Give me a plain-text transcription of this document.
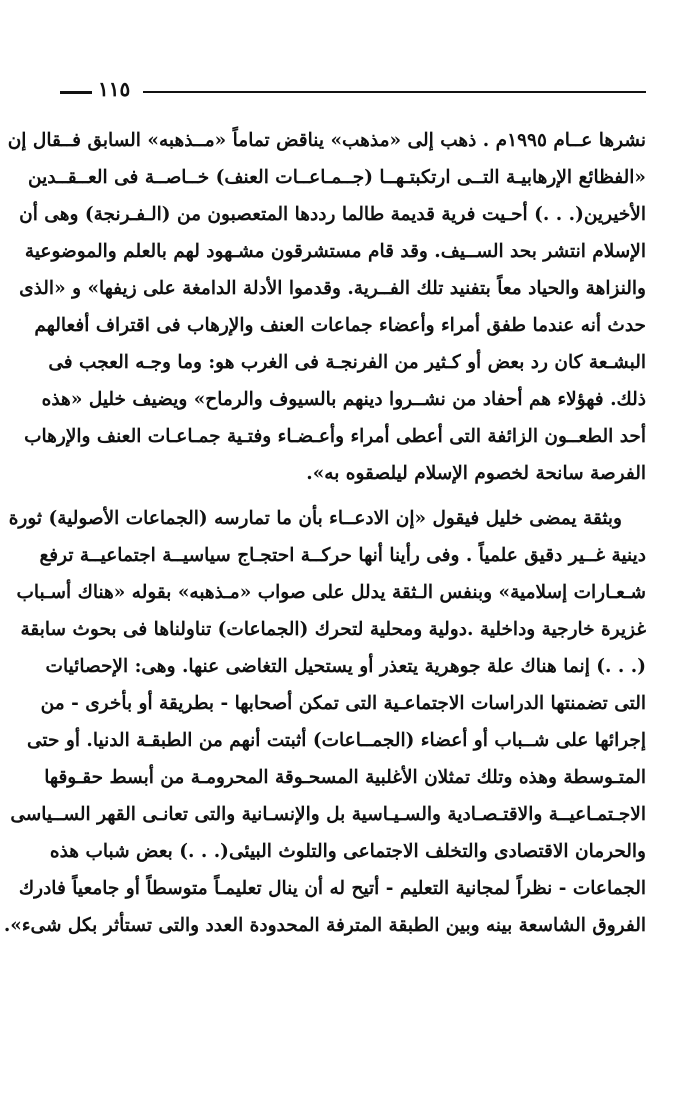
١١٥
نشرها عــام ١٩٩٥م . ذهب إلى «مذهب» يناقض تماماً «مــذهبه» السابق فــقال إن
«الفظائع الإرهابيـة التــى ارتكبتـهــا (جــمـاعــات العنف) خــاصــة فى العــقــدين
الأخيرين(. . .) أحـيت فرية قديمة طالما رددها المتعصبون من (الـفـرنجة) وهى أن
الإسلام انتشر بحد الســيف. وقد قام مستشرقون مشـهود لهم بالعلم والموضوعية
والنزاهة والحياد معاً بتفنيد تلك الفــرية. وقدموا الأدلة الدامغة على زيفها» و «الذى
حدث أنه عندما طفق أمراء وأعضاء جماعات العنف والإرهاب فى اقتراف أفعالهم
البشـعة كان رد بعض أو كـثير من الفرنجـة فى الغرب هو: وما وجـه العجب فى
ذلك. فهؤلاء هم أحفاد من نشــروا دينهم بالسيوف والرماح» ويضيف خليل «هذه
أحد الطعــون الزائفة التى أعطى أمراء وأعـضـاء وفتـية جمـاعـات العنف والإرهاب
الفرصة سانحة لخصوم الإسلام ليلصقوه به».
وبثقة يمضى خليل فيقول «إن الادعــاء بأن ما تمارسه (الجماعات الأصولية) ثورة
دينية غــير دقيق علمياً . وفى رأينا أنها حركــة احتجـاج سياسيــة اجتماعيــة ترفع
شـعـارات إسلامية» وبنفس الـثقة يدلل على صواب «مـذهبه» بقوله «هناك أسـباب
غزيرة خارجية وداخلية .دولية ومحلية لتحرك (الجماعات) تناولناها فى بحوث سابقة
(. . .) إنما هناك علة جوهرية يتعذر أو يستحيل التغاضى عنها. وهى: الإحصائيات
التى تضمنتها الدراسات الاجتماعـية التى تمكن أصحابها - بطريقة أو بأخرى - من
إجرائها على شــباب أو أعضاء (الجمــاعات) أثبتت أنهم من الطبقـة الدنيا. أو حتى
المتـوسطة وهذه وتلك تمثلان الأغلبية المسحـوقة المحرومـة من أبسط حقـوقها
الاجـتمـاعيــة والاقتـصـادية والسـيـاسية بل والإنسـانية والتى تعانـى القهر الســياسى
والحرمان الاقتصادى والتخلف الاجتماعى والتلوث البيئى(. . .) بعض شباب هذه
الجماعات - نظراً لمجانية التعليم - أتيح له أن ينال تعليمـاً متوسطاً أو جامعياً فادرك
الفروق الشاسعة بينه وبين الطبقة المترفة المحدودة العدد والتى تستأثر بكل شىء».
